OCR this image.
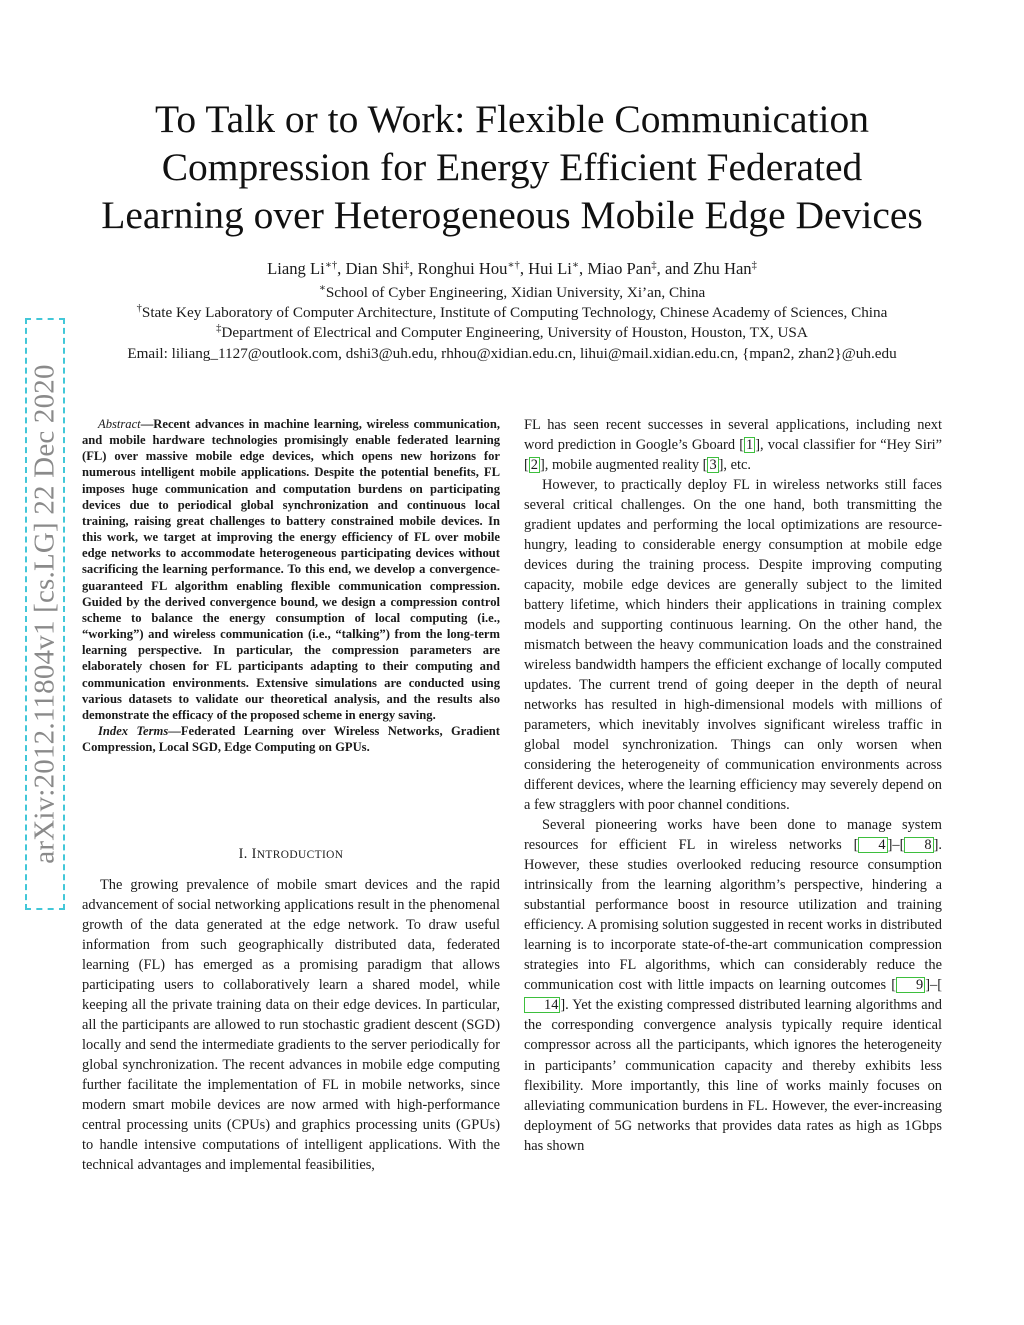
To Talk or to Work: Flexible Communication
Compression for Energy Efficient Federated
Learning over Heterogeneous Mobile Edge Devices
Liang Li∗†, Dian Shi‡, Ronghui Hou∗†, Hui Li∗, Miao Pan‡, and Zhu Han‡
∗School of Cyber Engineering, Xidian University, Xi’an, China
†State Key Laboratory of Computer Architecture, Institute of Computing Technology, Chinese Academy of Sciences, China
‡Department of Electrical and Computer Engineering, University of Houston, Houston, TX, USA
Email: liliang_1127@outlook.com, dshi3@uh.edu, rhhou@xidian.edu.cn, lihui@mail.xidian.edu.cn, {mpan2, zhan2}@uh.edu
arXiv:2012.11804v1 [cs.LG] 22 Dec 2020	Abstract—Recent advances in machine learning, wireless communication, and mobile hardware technologies promisingly enable federated learning (FL) over massive mobile edge devices, which opens new horizons for numerous intelligent mobile applications. Despite the potential benefits, FL imposes huge communication and computation burdens on participating devices due to periodical global synchronization and continuous local training, raising great challenges to battery constrained mobile devices. In this work, we target at improving the energy efficiency of FL over mobile edge networks to accommodate heterogeneous participating devices without sacrificing the learning performance. To this end, we develop a convergence-guaranteed FL algorithm enabling flexible communication compression. Guided by the derived convergence bound, we design a compression control scheme to balance the energy consumption of local computing (i.e., “working”) and wireless communication (i.e., “talking”) from the long-term learning perspective. In particular, the compression parameters are elaborately chosen for FL participants adapting to their computing and communication environments. Extensive simulations are conducted using various datasets to validate our theoretical analysis, and the results also demonstrate the efficacy of the proposed scheme in energy saving.

Index Terms—Federated Learning over Wireless Networks, Gradient Compression, Local SGD, Edge Computing on GPUs.

I. INTRODUCTION

The growing prevalence of mobile smart devices and the rapid advancement of social networking applications result in the phenomenal growth of the data generated at the edge network. To draw useful information from such geographically distributed data, federated learning (FL) has emerged as a promising paradigm that allows participating users to collaboratively learn a shared model, while keeping all the private training data on their edge devices. In particular, all the participants are allowed to run stochastic gradient descent (SGD) locally and send the intermediate gradients to the server periodically for global synchronization. The recent advances in mobile edge computing further facilitate the implementation of FL in mobile networks, since modern smart mobile devices are now armed with high-performance central processing units (CPUs) and graphics processing units (GPUs) to handle intensive computations of intelligent applications. With the technical advantages and implemental feasibilities,

FL has seen recent successes in several applications, including next word prediction in Google’s Gboard [ 1 ], vocal classifier for “Hey Siri” [ 2 ], mobile augmented reality [ 3 ], etc.

However, to practically deploy FL in wireless networks still faces several critical challenges. On the one hand, both transmitting the gradient updates and performing the local optimizations are resource-hungry, leading to considerable energy consumption at mobile edge devices during the training process. Despite improving computing capacity, mobile edge devices are generally subject to the limited battery lifetime, which hinders their applications in training complex models and supporting continuous learning. On the other hand, the mismatch between the heavy communication loads and the constrained wireless bandwidth hampers the efficient exchange of locally computed updates. The current trend of going deeper in the depth of neural networks has resulted in high-dimensional models with millions of parameters, which inevitably involves significant wireless traffic in global model synchronization. Things can only worsen when considering the heterogeneity of communication environments across different devices, where the learning efficiency may severely depend on a few stragglers with poor channel conditions.

Several pioneering works have been done to manage system resources for efficient FL in wireless networks [ 4 ]–[ 8 ]. However, these studies overlooked reducing resource consumption intrinsically from the learning algorithm’s perspective, hindering a substantial performance boost in resource utilization and training efficiency. A promising solution suggested in recent works in distributed learning is to incorporate state-of-the-art communication compression strategies into FL algorithms, which can considerably reduce the communication cost with little impacts on learning outcomes [ 9 ]–[14 ]. Yet the existing compressed distributed learning algorithms and the corresponding convergence analysis typically require identical compressor across all the participants, which ignores the heterogeneity in participants’ communication capacity and thereby exhibits less flexibility. More importantly, this line of works mainly focuses on alleviating communication burdens in FL. However, the ever-increasing deployment of 5G networks that provides data rates as high as 1Gbps has shown
